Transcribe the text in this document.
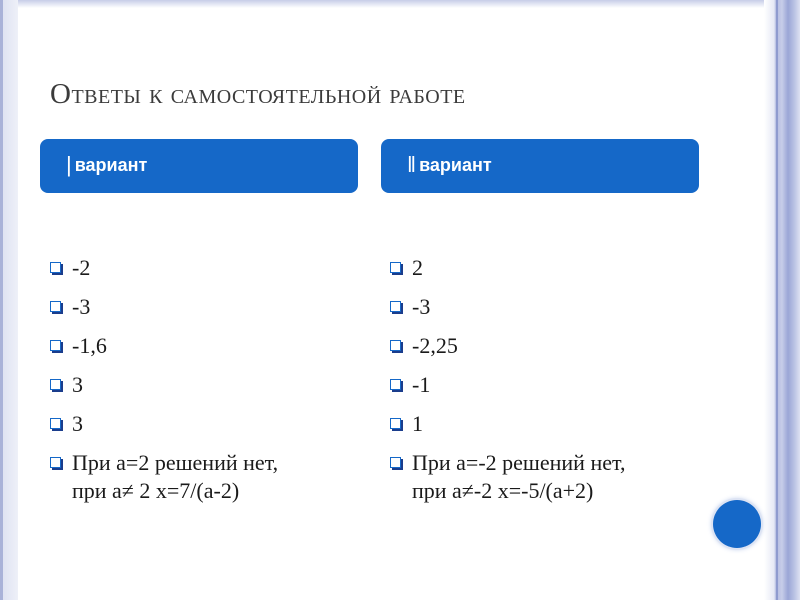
Ответы к самостоятельной работе
| вариант	‖ вариант
-2
-3
-1,6
3
3
При а=2 решений нет,
при а≠ 2 x=7/(a-2)
2
-3
-2,25
-1
1
При а=-2 решений нет,
при а≠-2 x=-5/(a+2)
